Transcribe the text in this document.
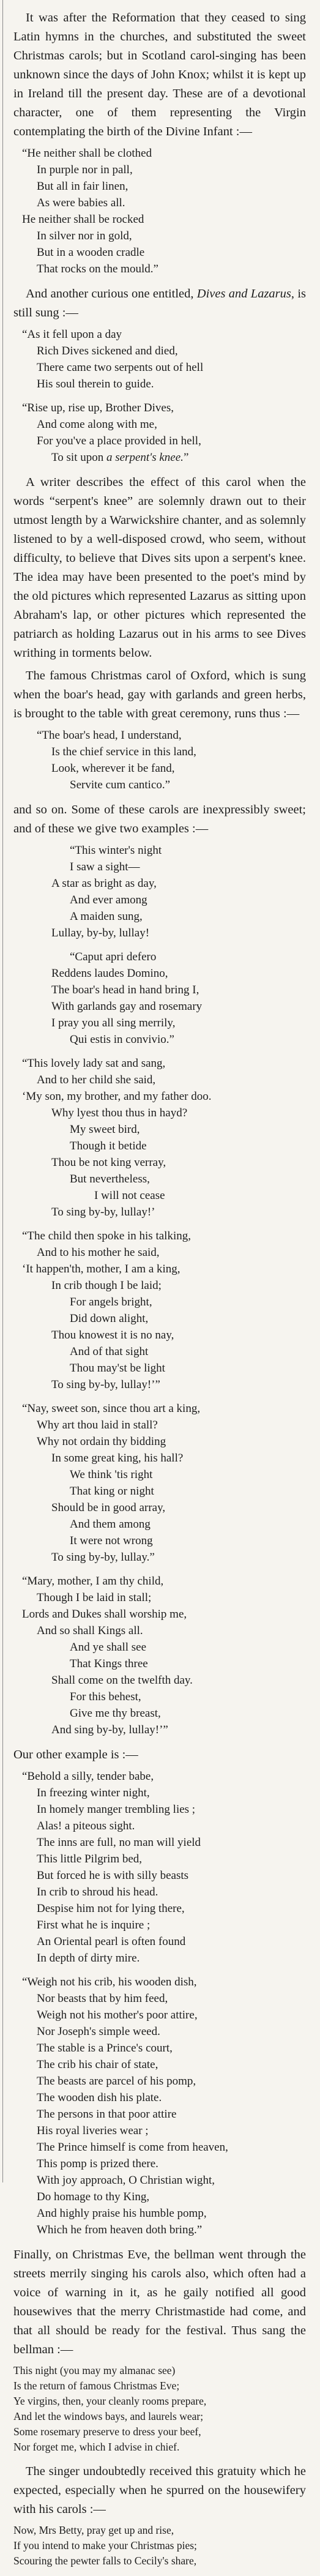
It was after the Reformation that they ceased to sing Latin hymns in the churches, and substituted the sweet Christmas carols; but in Scotland carol-singing has been unknown since the days of John Knox; whilst it is kept up in Ireland till the present day. These are of a devotional character, one of them representing the Virgin contemplating the birth of the Divine Infant :—

“He neither shall be clothed
In purple nor in pall,
But all in fair linen,
As were babies all.
He neither shall be rocked
In silver nor in gold,
But in a wooden cradle
That rocks on the mould.”

And another curious one entitled, Dives and Lazarus, is still sung :—

“As it fell upon a day
Rich Dives sickened and died,
There came two serpents out of hell
His soul therein to guide.
“Rise up, rise up, Brother Dives,
And come along with me,
For you've a place provided in hell,
To sit upon a serpent's knee.”

A writer describes the effect of this carol when the words “serpent's knee” are solemnly drawn out to their utmost length by a Warwickshire chanter, and as solemnly listened to by a well-disposed crowd, who seem, without difficulty, to believe that Dives sits upon a serpent's knee. The idea may have been presented to the poet's mind by the old pictures which represented Lazarus as sitting upon Abraham's lap, or other pictures which represented the patriarch as holding Lazarus out in his arms to see Dives writhing in torments below.

The famous Christmas carol of Oxford, which is sung when the boar's head, gay with garlands and green herbs, is brought to the table with great ceremony, runs thus :—

“The boar's head, I understand,
Is the chief service in this land,
Look, wherever it be fand,
Servite cum cantico.”

and so on. Some of these carols are inexpressibly sweet; and of these we give two examples :—

“This winter's night
I saw a sight—
A star as bright as day,
And ever among
A maiden sung,
Lullay, by-by, lullay!
“Caput apri defero
Reddens laudes Domino,
The boar's head in hand bring I,
With garlands gay and rosemary
I pray you all sing merrily,
Qui estis in convivio.”
“This lovely lady sat and sang,
And to her child she said,
‘My son, my brother, and my father doo.
Why lyest thou thus in hayd?
My sweet bird,
Though it betide
Thou be not king verray,
But nevertheless,
I will not cease
To sing by-by, lullay!’
“The child then spoke in his talking,
And to his mother he said,
‘It happen'th, mother, I am a king,
In crib though I be laid;
For angels bright,
Did down alight,
Thou knowest it is no nay,
And of that sight
Thou may'st be light
To sing by-by, lullay!’”
“Nay, sweet son, since thou art a king,
Why art thou laid in stall?
Why not ordain thy bidding
In some great king, his hall?
We think 'tis right
That king or night
Should be in good array,
And them among
It were not wrong
To sing by-by, lullay.”
“Mary, mother, I am thy child,
Though I be laid in stall;
Lords and Dukes shall worship me,
And so shall Kings all.
And ye shall see
That Kings three
Shall come on the twelfth day.
For this behest,
Give me thy breast,
And sing by-by, lullay!’”

Our other example is :—

“Behold a silly, tender babe,
In freezing winter night,
In homely manger trembling lies ;
Alas! a piteous sight.
The inns are full, no man will yield
This little Pilgrim bed,
But forced he is with silly beasts
In crib to shroud his head.
Despise him not for lying there,
First what he is inquire ;
An Oriental pearl is often found
In depth of dirty mire.
“Weigh not his crib, his wooden dish,
Nor beasts that by him feed,
Weigh not his mother's poor attire,
Nor Joseph's simple weed.
The stable is a Prince's court,
The crib his chair of state,
The beasts are parcel of his pomp,
The wooden dish his plate.
The persons in that poor attire
His royal liveries wear ;
The Prince himself is come from heaven,
This pomp is prized there.
With joy approach, O Christian wight,
Do homage to thy King,
And highly praise his humble pomp,
Which he from heaven doth bring.”

Finally, on Christmas Eve, the bellman went through the streets merrily singing his carols also, which often had a voice of warning in it, as he gaily notified all good housewives that the merry Christmastide had come, and that all should be ready for the festival. Thus sang the bellman :—

This night (you may my almanac see)
Is the return of famous Christmas Eve;
Ye virgins, then, your cleanly rooms prepare,
And let the windows bays, and laurels wear;
Some rosemary preserve to dress your beef,
Nor forget me, which I advise in chief.

The singer undoubtedly received this gratuity which he expected, especially when he spurred on the housewifery with his carols :—

Now, Mrs Betty, pray get up and rise,
If you intend to make your Christmas pies;
Scouring the pewter falls to Cecily's share,
